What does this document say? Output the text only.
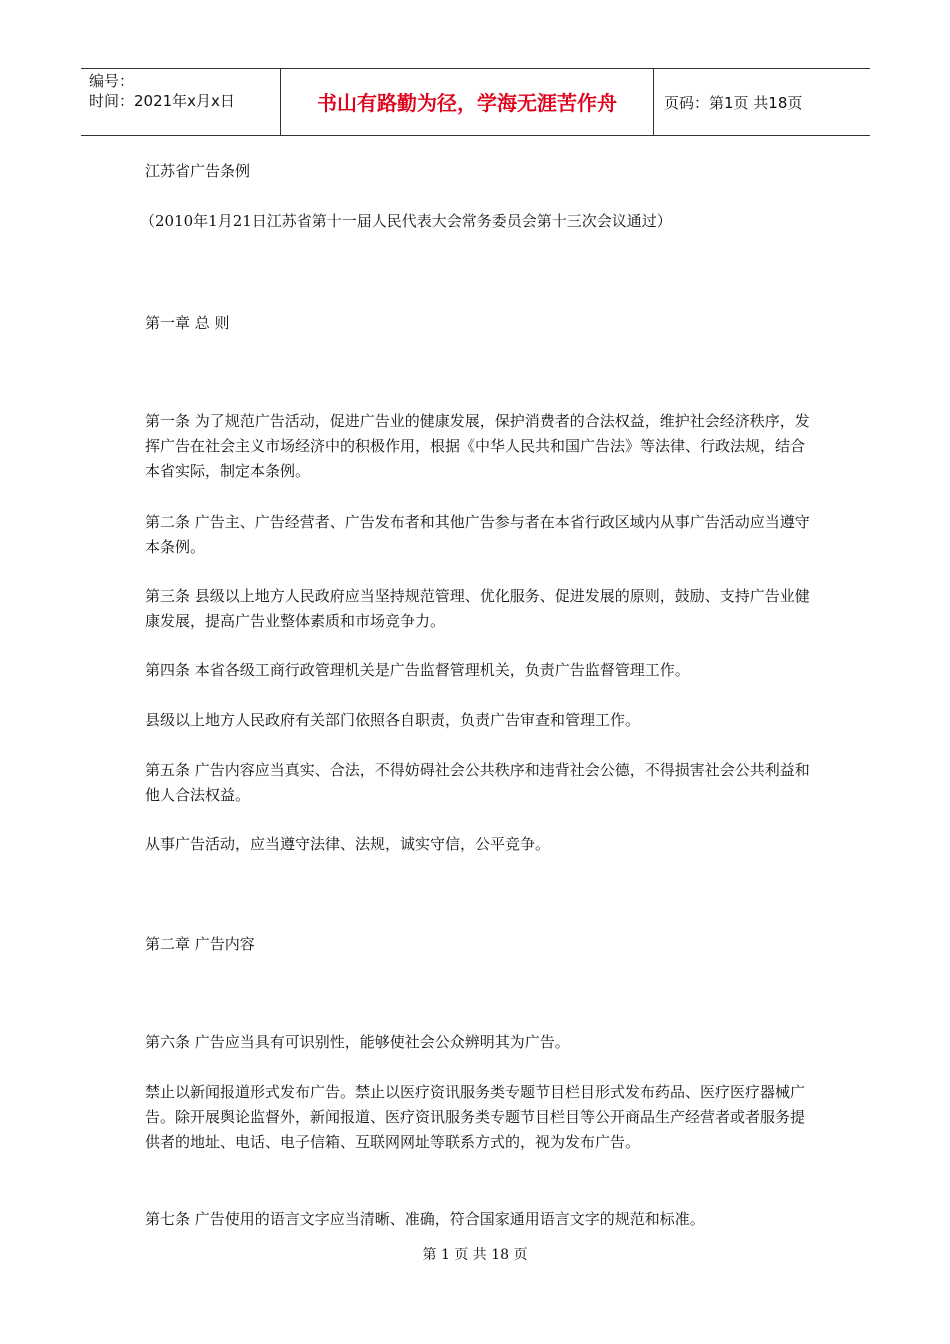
编号：
时间：2021年x月x日	书山有路勤为径，学海无涯苦作舟	页码：第1页 共18页
江苏省广告条例
（2010年1月21日江苏省第十一届人民代表大会常务委员会第十三次会议通过）
第一章 总 则

第一条 为了规范广告活动，促进广告业的健康发展，保护消费者的合法权益，维护社会经济秩序，发挥广告在社会主义市场经济中的积极作用，根据《中华人民共和国广告法》等法律、行政法规，结合本省实际，制定本条例。

第二条 广告主、广告经营者、广告发布者和其他广告参与者在本省行政区域内从事广告活动应当遵守本条例。

第三条 县级以上地方人民政府应当坚持规范管理、优化服务、促进发展的原则，鼓励、支持广告业健康发展，提高广告业整体素质和市场竞争力。

第四条 本省各级工商行政管理机关是广告监督管理机关，负责广告监督管理工作。

县级以上地方人民政府有关部门依照各自职责，负责广告审查和管理工作。

第五条 广告内容应当真实、合法，不得妨碍社会公共秩序和违背社会公德，不得损害社会公共利益和他人合法权益。

从事广告活动，应当遵守法律、法规，诚实守信，公平竞争。

第二章 广告内容

第六条 广告应当具有可识别性，能够使社会公众辨明其为广告。

禁止以新闻报道形式发布广告。禁止以医疗资讯服务类专题节目栏目形式发布药品、医疗医疗器械广告。除开展舆论监督外，新闻报道、医疗资讯服务类专题节目栏目等公开商品生产经营者或者服务提供者的地址、电话、电子信箱、互联网网址等联系方式的，视为发布广告。

第七条 广告使用的语言文字应当清晰、准确，符合国家通用语言文字的规范和标准。

第 1 页 共 18 页
